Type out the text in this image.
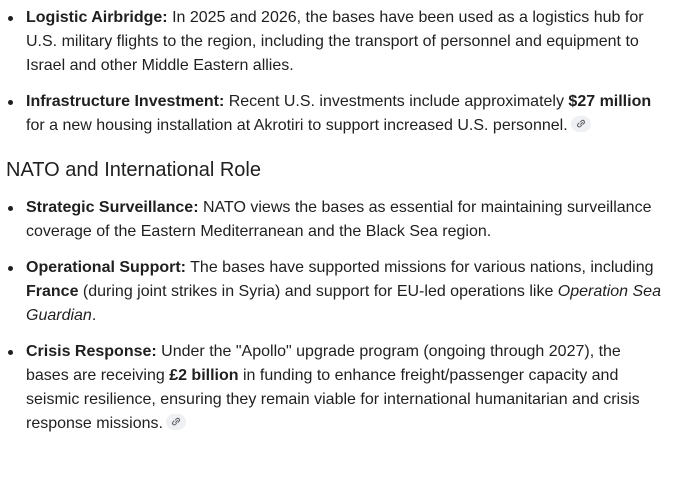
Logistic Airbridge: In 2025 and 2026, the bases have been used as a logistics hub for U.S. military flights to the region, including the transport of personnel and equipment to Israel and other Middle Eastern allies.
Infrastructure Investment: Recent U.S. investments include approximately $27 million for a new housing installation at Akrotiri to support increased U.S. personnel.
NATO and International Role
Strategic Surveillance: NATO views the bases as essential for maintaining surveillance coverage of the Eastern Mediterranean and the Black Sea region.
Operational Support: The bases have supported missions for various nations, including France (during joint strikes in Syria) and support for EU-led operations like Operation Sea Guardian.
Crisis Response: Under the "Apollo" upgrade program (ongoing through 2027), the bases are receiving £2 billion in funding to enhance freight/passenger capacity and seismic resilience, ensuring they remain viable for international humanitarian and crisis response missions.
